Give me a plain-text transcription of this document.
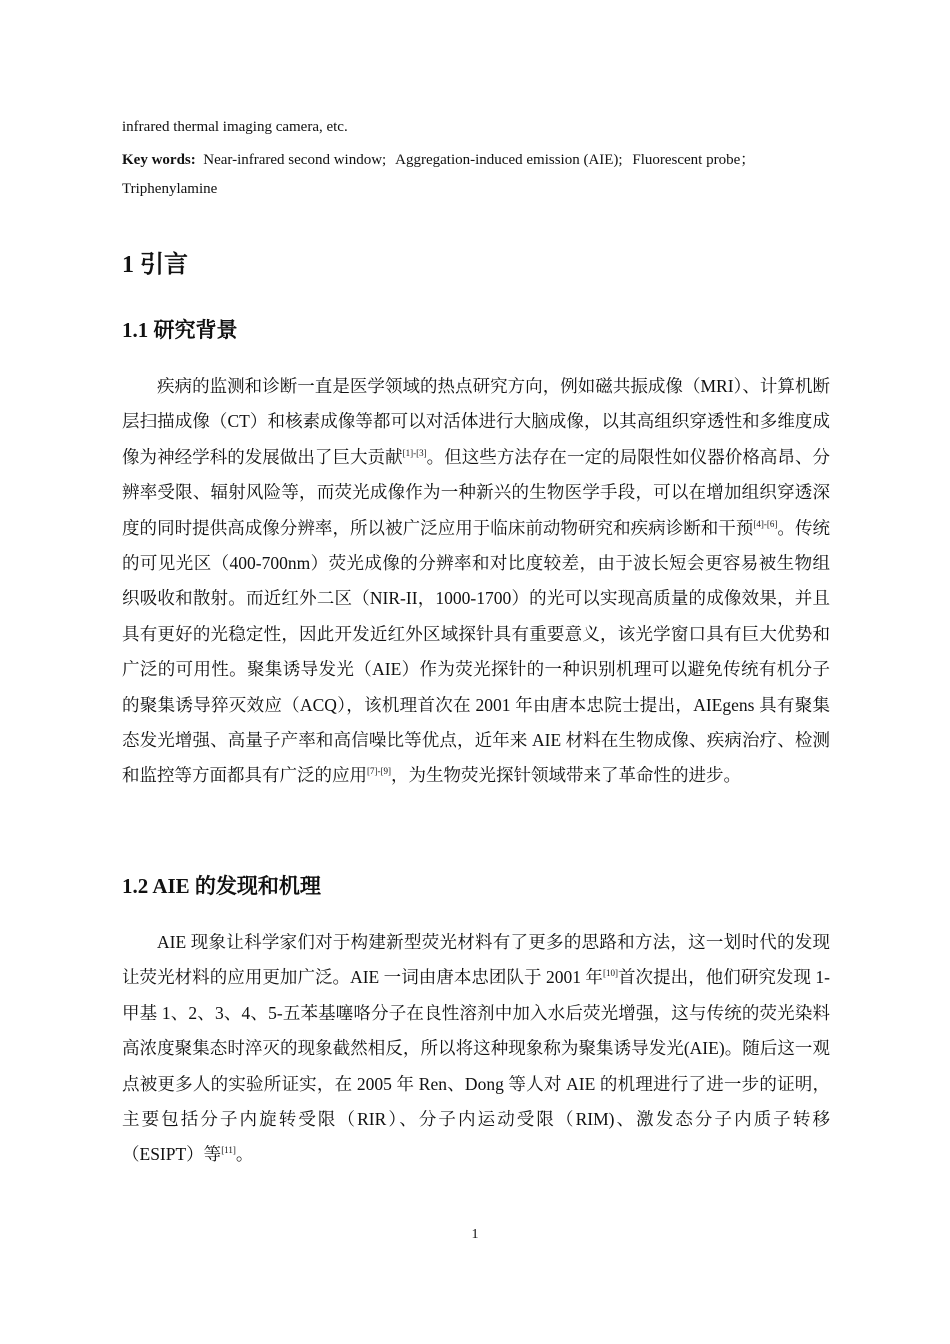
infrared thermal imaging camera, etc.
Key words: Near-infrared second window; Aggregation-induced emission (AIE); Fluorescent probe；Triphenylamine
1 引言
1.1 研究背景

疾病的监测和诊断一直是医学领域的热点研究方向，例如磁共振成像（MRI）、计算机断层扫描成像（CT）和核素成像等都可以对活体进行大脑成像，以其高组织穿透性和多维度成像为神经学科的发展做出了巨大贡献[1]-[3]。但这些方法存在一定的局限性如仪器价格高昂、分辨率受限、辐射风险等，而荧光成像作为一种新兴的生物医学手段，可以在增加组织穿透深度的同时提供高成像分辨率，所以被广泛应用于临床前动物研究和疾病诊断和干预[4]-[6]。传统的可见光区（400-700nm）荧光成像的分辨率和对比度较差，由于波长短会更容易被生物组织吸收和散射。而近红外二区（NIR-II，1000-1700）的光可以实现高质量的成像效果，并且具有更好的光稳定性，因此开发近红外区域探针具有重要意义，该光学窗口具有巨大优势和广泛的可用性。聚集诱导发光（AIE）作为荧光探针的一种识别机理可以避免传统有机分子的聚集诱导猝灭效应（ACQ），该机理首次在 2001 年由唐本忠院士提出，AIEgens 具有聚集态发光增强、高量子产率和高信噪比等优点，近年来 AIE 材料在生物成像、疾病治疗、检测和监控等方面都具有广泛的应用[7]-[9]，为生物荧光探针领域带来了革命性的进步。

1.2 AIE 的发现和机理

AIE 现象让科学家们对于构建新型荧光材料有了更多的思路和方法，这一划时代的发现让荧光材料的应用更加广泛。AIE 一词由唐本忠团队于 2001 年[10]首次提出，他们研究发现 1-甲基 1、2、3、4、5-五苯基噻咯分子在良性溶剂中加入水后荧光增强，这与传统的荧光染料高浓度聚集态时淬灭的现象截然相反，所以将这种现象称为聚集诱导发光(AIE)。随后这一观点被更多人的实验所证实，在 2005 年 Ren、Dong 等人对 AIE 的机理进行了进一步的证明，主要包括分子内旋转受限（RIR）、分子内运动受限（RIM)、激发态分子内质子转移（ESIPT）等[11]。

1
